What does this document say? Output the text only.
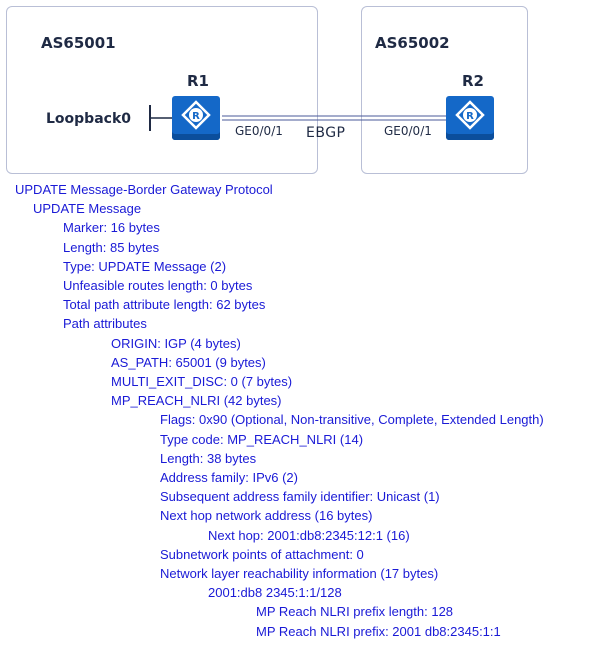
AS65001	AS65002
R1
R
R2
R
Loopback0
GE0/0/1 EBGP	GE0/0/1
UPDATE Message-Border Gateway Protocol
UPDATE Message
Marker: 16 bytes
Length: 85 bytes
Type: UPDATE Message (2)
Unfeasible routes length: 0 bytes
Total path attribute length: 62 bytes
Path attributes
ORIGIN: IGP (4 bytes)
AS_PATH: 65001 (9 bytes)
MULTI_EXIT_DISC: 0 (7 bytes)
MP_REACH_NLRI (42 bytes)
Flags: 0x90 (Optional, Non-transitive, Complete, Extended Length)
Type code: MP_REACH_NLRI (14)
Length: 38 bytes
Address family: IPv6 (2)
Subsequent address family identifier: Unicast (1)
Next hop network address (16 bytes)
Next hop: 2001:db8:2345:12:1 (16)
Subnetwork points of attachment: 0
Network layer reachability information (17 bytes)
2001:db8 2345:1:1/128
MP Reach NLRI prefix length: 128
MP Reach NLRI prefix: 2001 db8:2345:1:1
